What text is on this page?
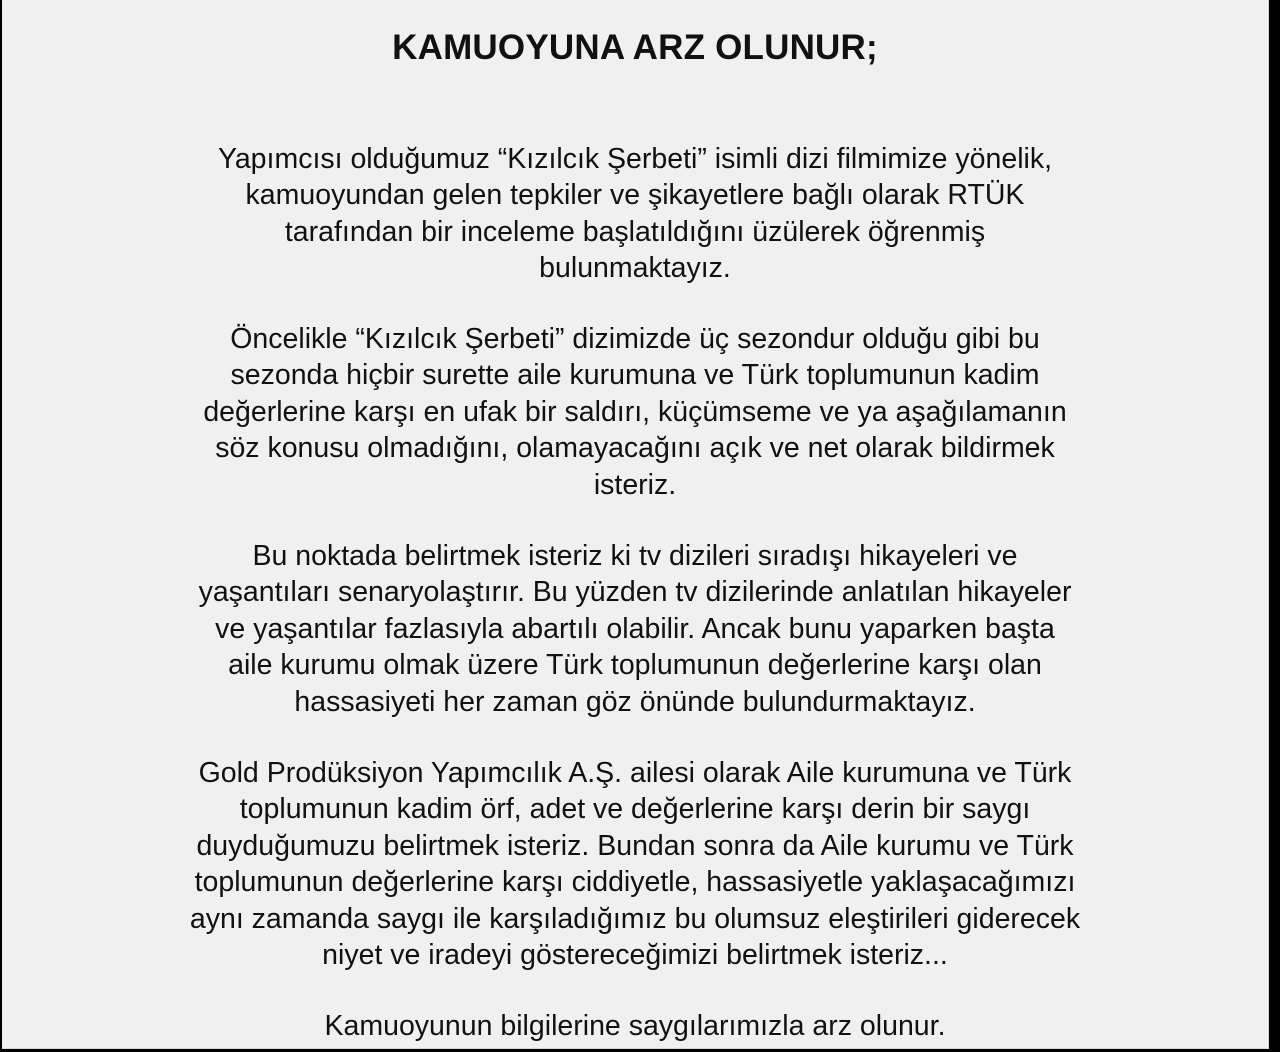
KAMUOYUNA ARZ OLUNUR;

Yapımcısı olduğumuz “Kızılcık Şerbeti” isimli dizi filmimize yönelik,
kamuoyundan gelen tepkiler ve şikayetlere bağlı olarak RTÜK
tarafından bir inceleme başlatıldığını üzülerek öğrenmiş
bulunmaktayız.

Öncelikle “Kızılcık Şerbeti” dizimizde üç sezondur olduğu gibi bu
sezonda hiçbir surette aile kurumuna ve Türk toplumunun kadim
değerlerine karşı en ufak bir saldırı, küçümseme ve ya aşağılamanın
söz konusu olmadığını, olamayacağını açık ve net olarak bildirmek
isteriz.

Bu noktada belirtmek isteriz ki tv dizileri sıradışı hikayeleri ve
yaşantıları senaryolaştırır. Bu yüzden tv dizilerinde anlatılan hikayeler
ve yaşantılar fazlasıyla abartılı olabilir. Ancak bunu yaparken başta
aile kurumu olmak üzere Türk toplumunun değerlerine karşı olan
hassasiyeti her zaman göz önünde bulundurmaktayız.

Gold Prodüksiyon Yapımcılık A.Ş. ailesi olarak Aile kurumuna ve Türk
toplumunun kadim örf, adet ve değerlerine karşı derin bir saygı
duyduğumuzu belirtmek isteriz. Bundan sonra da Aile kurumu ve Türk
toplumunun değerlerine karşı ciddiyetle, hassasiyetle yaklaşacağımızı
aynı zamanda saygı ile karşıladığımız bu olumsuz eleştirileri giderecek
niyet ve iradeyi göstereceğimizi belirtmek isteriz...

Kamuoyunun bilgilerine saygılarımızla arz olunur.
